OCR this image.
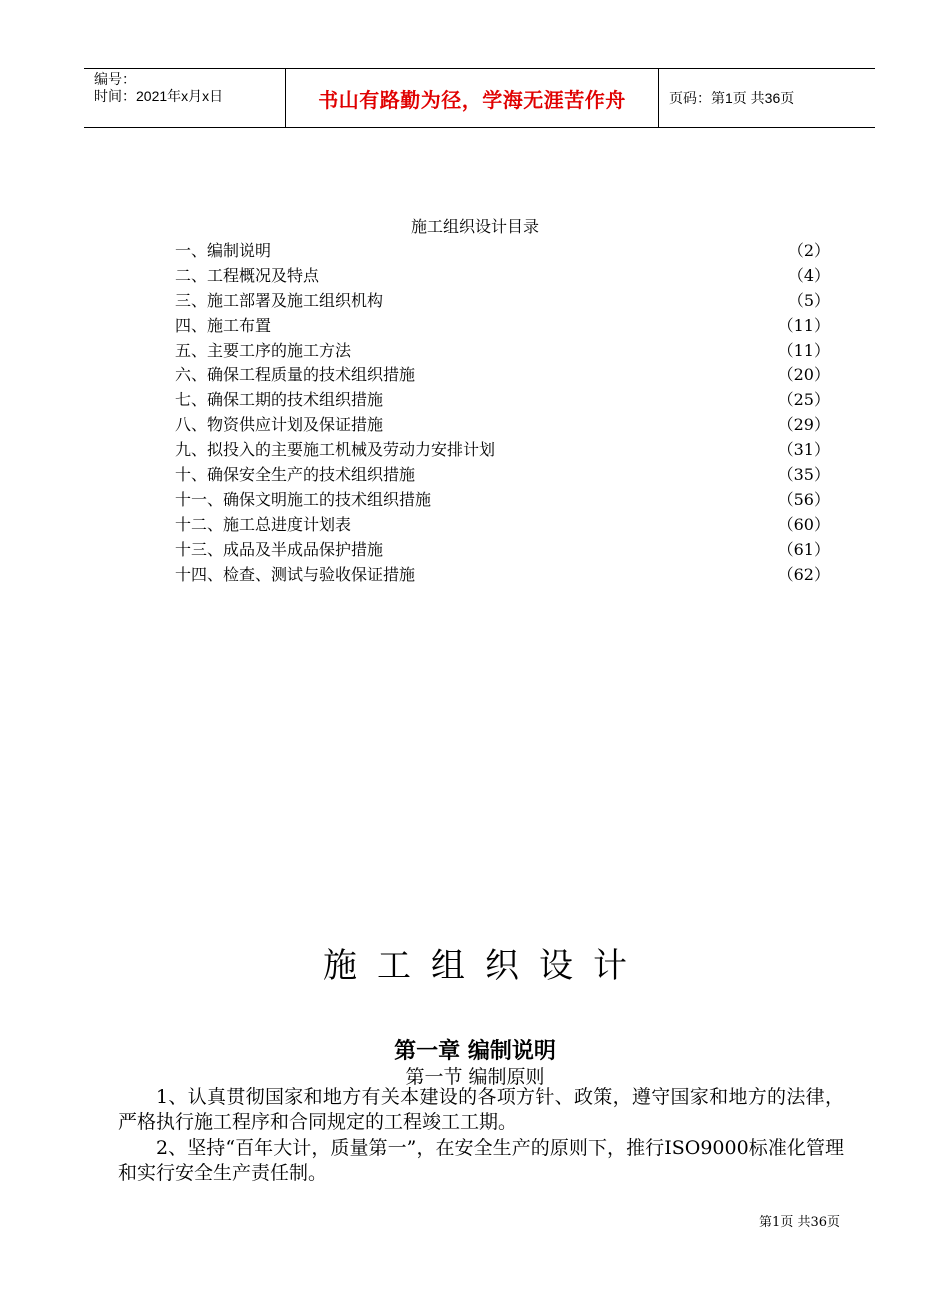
编号：
时间：2021年x月x日	书山有路勤为径，学海无涯苦作舟	页码：第1页 共36页
施工组织设计目录
一、编制说明	（2）
二、工程概况及特点	（4）
三、施工部署及施工组织机构	（5）
四、施工布置	（11）
五、主要工序的施工方法	（11）
六、确保工程质量的技术组织措施	（20）
七、确保工期的技术组织措施	（25）
八、物资供应计划及保证措施	（29）
九、拟投入的主要施工机械及劳动力安排计划	（31）
十、确保安全生产的技术组织措施	（35）
十一、确保文明施工的技术组织措施	（56）
十二、施工总进度计划表	（60）
十三、成品及半成品保护措施	（61）
十四、检查、测试与验收保证措施	（62）
施工组织设计
第一章 编制说明
第一节 编制原则

1、认真贯彻国家和地方有关本建设的各项方针、政策，遵守国家和地方的法律，严格执行施工程序和合同规定的工程竣工工期。

2、坚持“百年大计，质量第一”，在安全生产的原则下，推行ISO9000标准化管理和实行安全生产责任制。

第1页 共36页
